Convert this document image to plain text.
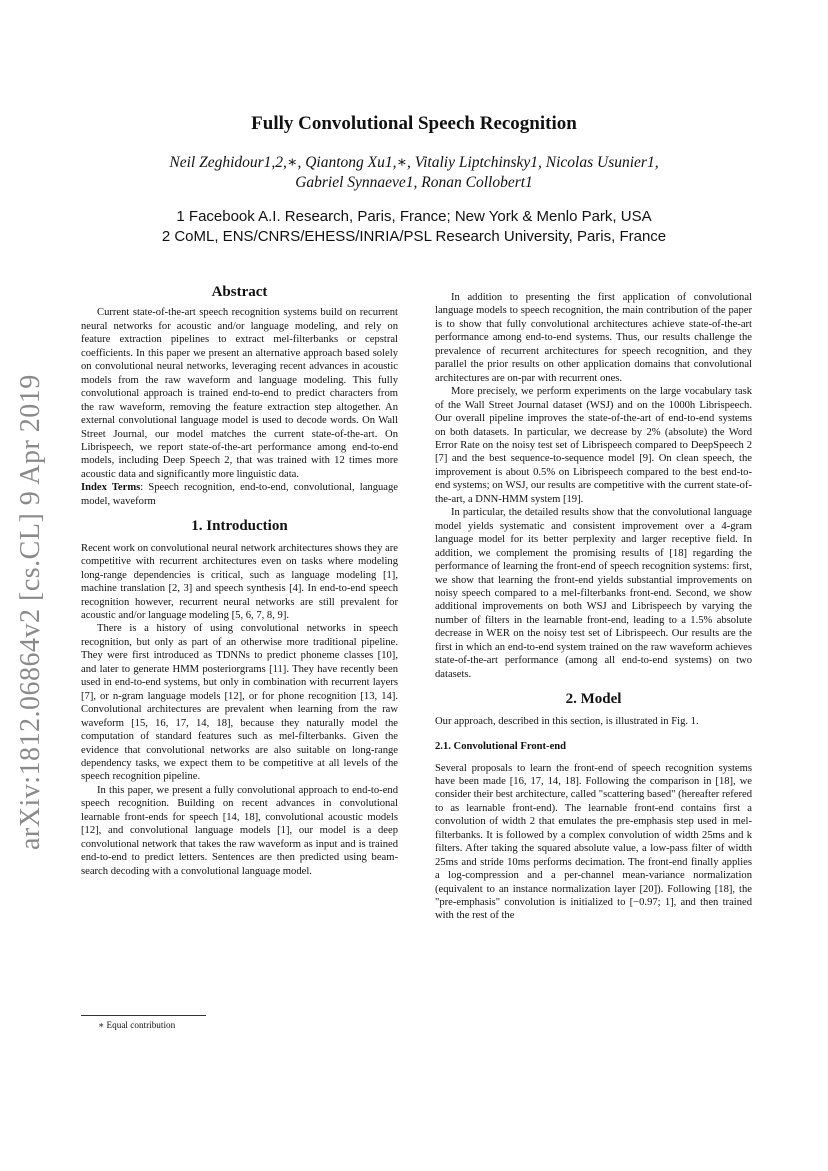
arXiv:1812.06864v2 [cs.CL] 9 Apr 2019
Fully Convolutional Speech Recognition
Neil Zeghidour1,2,∗, Qiantong Xu1,∗, Vitaliy Liptchinsky1, Nicolas Usunier1,
Gabriel Synnaeve1, Ronan Collobert1
1 Facebook A.I. Research, Paris, France; New York & Menlo Park, USA
2 CoML, ENS/CNRS/EHESS/INRIA/PSL Research University, Paris, France
Abstract

Current state-of-the-art speech recognition systems build on recurrent neural networks for acoustic and/or language modeling, and rely on feature extraction pipelines to extract mel-filterbanks or cepstral coefficients. In this paper we present an alternative approach based solely on convolutional neural networks, leveraging recent advances in acoustic models from the raw waveform and language modeling. This fully convolutional approach is trained end-to-end to predict characters from the raw waveform, removing the feature extraction step altogether. An external convolutional language model is used to decode words. On Wall Street Journal, our model matches the current state-of-the-art. On Librispeech, we report state-of-the-art performance among end-to-end models, including Deep Speech 2, that was trained with 12 times more acoustic data and significantly more linguistic data.

Index Terms: Speech recognition, end-to-end, convolutional, language model, waveform

1. Introduction

Recent work on convolutional neural network architectures shows they are competitive with recurrent architectures even on tasks where modeling long-range dependencies is critical, such as language modeling [1], machine translation [2, 3] and speech synthesis [4]. In end-to-end speech recognition however, recurrent neural networks are still prevalent for acoustic and/or language modeling [5, 6, 7, 8, 9].

There is a history of using convolutional networks in speech recognition, but only as part of an otherwise more traditional pipeline. They were first introduced as TDNNs to predict phoneme classes [10], and later to generate HMM posteriorgrams [11]. They have recently been used in end-to-end systems, but only in combination with recurrent layers [7], or n-gram language models [12], or for phone recognition [13, 14]. Convolutional architectures are prevalent when learning from the raw waveform [15, 16, 17, 14, 18], because they naturally model the computation of standard features such as mel-filterbanks. Given the evidence that convolutional networks are also suitable on long-range dependency tasks, we expect them to be competitive at all levels of the speech recognition pipeline.

In this paper, we present a fully convolutional approach to end-to-end speech recognition. Building on recent advances in convolutional learnable front-ends for speech [14, 18], convolutional acoustic models [12], and convolutional language models [1], our model is a deep convolutional network that takes the raw waveform as input and is trained end-to-end to predict letters. Sentences are then predicted using beam-search decoding with a convolutional language model.

∗ Equal contribution

In addition to presenting the first application of convolutional language models to speech recognition, the main contribution of the paper is to show that fully convolutional architectures achieve state-of-the-art performance among end-to-end systems. Thus, our results challenge the prevalence of recurrent architectures for speech recognition, and they parallel the prior results on other application domains that convolutional architectures are on-par with recurrent ones.

More precisely, we perform experiments on the large vocabulary task of the Wall Street Journal dataset (WSJ) and on the 1000h Librispeech. Our overall pipeline improves the state-of-the-art of end-to-end systems on both datasets. In particular, we decrease by 2% (absolute) the Word Error Rate on the noisy test set of Librispeech compared to DeepSpeech 2 [7] and the best sequence-to-sequence model [9]. On clean speech, the improvement is about 0.5% on Librispeech compared to the best end-to-end systems; on WSJ, our results are competitive with the current state-of-the-art, a DNN-HMM system [19].

In particular, the detailed results show that the convolutional language model yields systematic and consistent improvement over a 4-gram language model for its better perplexity and larger receptive field. In addition, we complement the promising results of [18] regarding the performance of learning the front-end of speech recognition systems: first, we show that learning the front-end yields substantial improvements on noisy speech compared to a mel-filterbanks front-end. Second, we show additional improvements on both WSJ and Librispeech by varying the number of filters in the learnable front-end, leading to a 1.5% absolute decrease in WER on the noisy test set of Librispeech. Our results are the first in which an end-to-end system trained on the raw waveform achieves state-of-the-art performance (among all end-to-end systems) on two datasets.

2. Model

Our approach, described in this section, is illustrated in Fig. 1.

2.1. Convolutional Front-end

Several proposals to learn the front-end of speech recognition systems have been made [16, 17, 14, 18]. Following the comparison in [18], we consider their best architecture, called "scattering based" (hereafter refered to as learnable front-end). The learnable front-end contains first a convolution of width 2 that emulates the pre-emphasis step used in mel-filterbanks. It is followed by a complex convolution of width 25ms and k filters. After taking the squared absolute value, a low-pass filter of width 25ms and stride 10ms performs decimation. The front-end finally applies a log-compression and a per-channel mean-variance normalization (equivalent to an instance normalization layer [20]). Following [18], the "pre-emphasis" convolution is initialized to [−0.97; 1], and then trained with the rest of the
